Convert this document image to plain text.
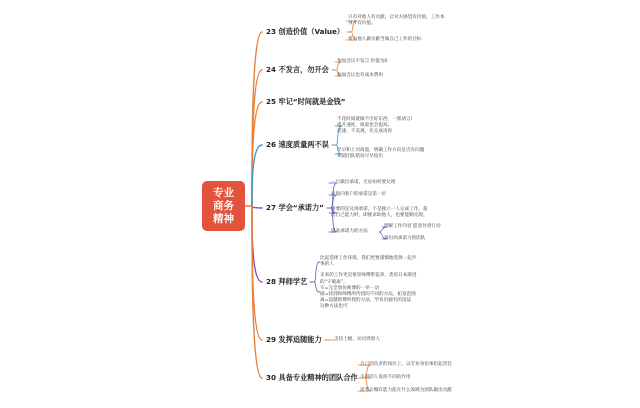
专业
商务
精神
23 创造价值（Value）
只有对他人有贡献，让对方感觉有价值，工作本
身才有价值。
将为他人做贡献当做自己工作的目标
24 不发言，勿开会
参加会议不发言 价值为0
参加会议也有成本费用
25 牢记“时间就是金钱”
26 速度质量两不误
不花时间就做不出好东西，一派胡言!
提升速度，质量也会提高。
迅速、不美观、先完成再说
尽早和上司商量，明确工作方向是否有问题
知道团队错误尽早指出
27 学会“承诺力”
一旦做出承诺，无论如何要兑现
兑现向客户的承诺是第一位
重要的是兑现承诺，不是独立一人完成工作，超
出自己能力时，即使求助他人，也要能顺兑现。
提高承诺力的方法
理解工作内容 愿意付诸行动
备份高承诺力的团队
28 拜师学艺
比起选择工作环境，我们更要谨慎地选择一起共
事的人
未来的工作更是推崇师傅带徒弟，类似日本渐进
的“守破离”。
守=完全效仿师傅的一举一动
破=找到和师傅所传授的不同的方法，拓宽范围
离=超越师傅所授的方法，学育出独有的技法
这种方法也可
29 发挥追随能力	支持上级、动员周围人
30 具备专业精神的团队合作
自己的负责的岗位上，以专业身份承担起责任
不同的人发挥不同的作用
思考让哪有能力能在什么领域为团队做出贡献
